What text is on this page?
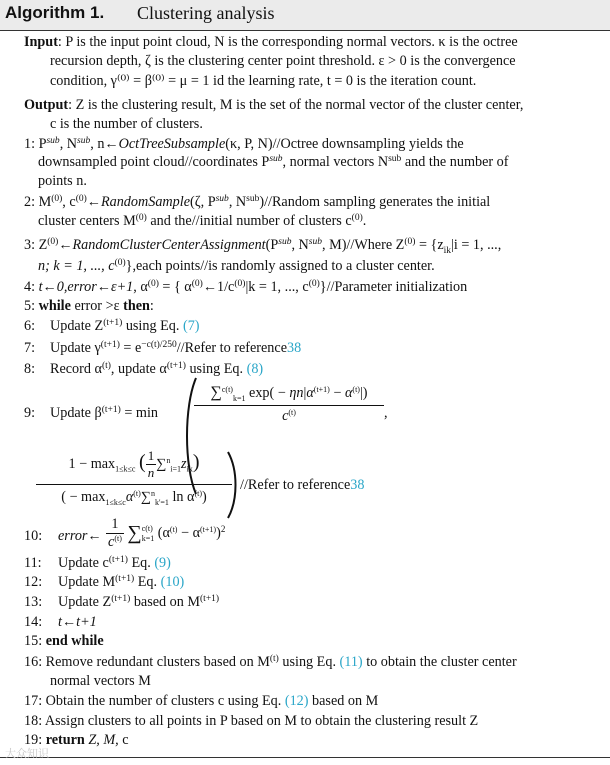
Algorithm 1. Clustering analysis
Input: P is the input point cloud, N is the corresponding normal vectors. κ is the octree
recursion depth, ζ is the clustering center point threshold. ε > 0 is the convergence
condition, γ⁽⁰⁾ = β⁽⁰⁾ = μ = 1 id the learning rate, t = 0 is the iteration count.
Output: Z is the clustering result, M is the set of the normal vector of the cluster center,
c is the number of clusters.
1: $P^{sub}$, $N^{sub}$, n←OctTreeSubsample(κ, P, N)//Octree downsampling yields the
downsampled point cloud//coordinates $P^{sub}$, normal vectors $N^{sub}$ and the number of
points n.
2: $M^{(0)}$, $c^{(0)}\leftarrow RandomSample(\zeta$, $P^{sub}$, $N^{sub})/$/Random sampling generates the initial
cluster centers $M^{(0)}$ and the//initial number of clusters $c^{(0)}$.
3: $Z^{(0)}\leftarrow RandomClusterCenterAssignment(P^{sub}$, $N^{sub}$, M)//Where $Z^{(0)} = \{z_{ik}|i = 1$, ...,
n; k = 1, ..., $c^{(0)}\},each$ points//is randomly assigned to a cluster center.
4: t←0,error←ε+1, $\alpha^{(0)}$ = { $\alpha^{(0)}\leftarrow 1/c^{(0)}|k = 1$, ..., $c^{(0)}\}/$/Parameter initialization
5: while error >ε then:
6: Update $Z^{(t+1)}$ using Eq. (7)
7: Update $\gamma^{(t+1)}$ = $e^{-c(t)/250}/$/Refer to reference38
8: Record $\alpha^{(t)}$, update $\alpha^{(t+1)}$ using Eq. (8)
9: Update $\beta^{(t+1)} = \min$
∑$^{c(t)}_{k=1}$ $\exp( - \eta n|\alpha^{(t+1)} - \alpha^{(t)}|)$
$c^{(t)}$	,
$1 - \max_{1\le k\le c}$ ( $\frac{1}{n} \sum^n_{i=1}z_{ik}$)
( − $\max_{1\le k\le c}\alpha^{(t)}\sum^n_{k'=1}$ $\ln \alpha^{(t)}$)
//Refer to reference38
10: error← $\frac{1}{c^{(t)}}$ ∑ c(t)
k=1 $(\alpha^{(t)} - \alpha^{(t+1)})^2$
11: Update $c^{(t+1)}$ Eq. (9)
12: Update $M^{(t+1)}$ Eq. (10)
13: Update $Z^{(t+1)}$ based on $M^{(t+1)}$
14: t←t+1
15: end while
16: Remove redundant clusters based on $M^{(t)}$ using Eq. (11) to obtain the cluster center
normal vectors M
17: Obtain the number of clusters c using Eq. (12) based on M
18: Assign clusters to all points in P based on M to obtain the clustering result Z
19: return Z, M, c
大众知识
